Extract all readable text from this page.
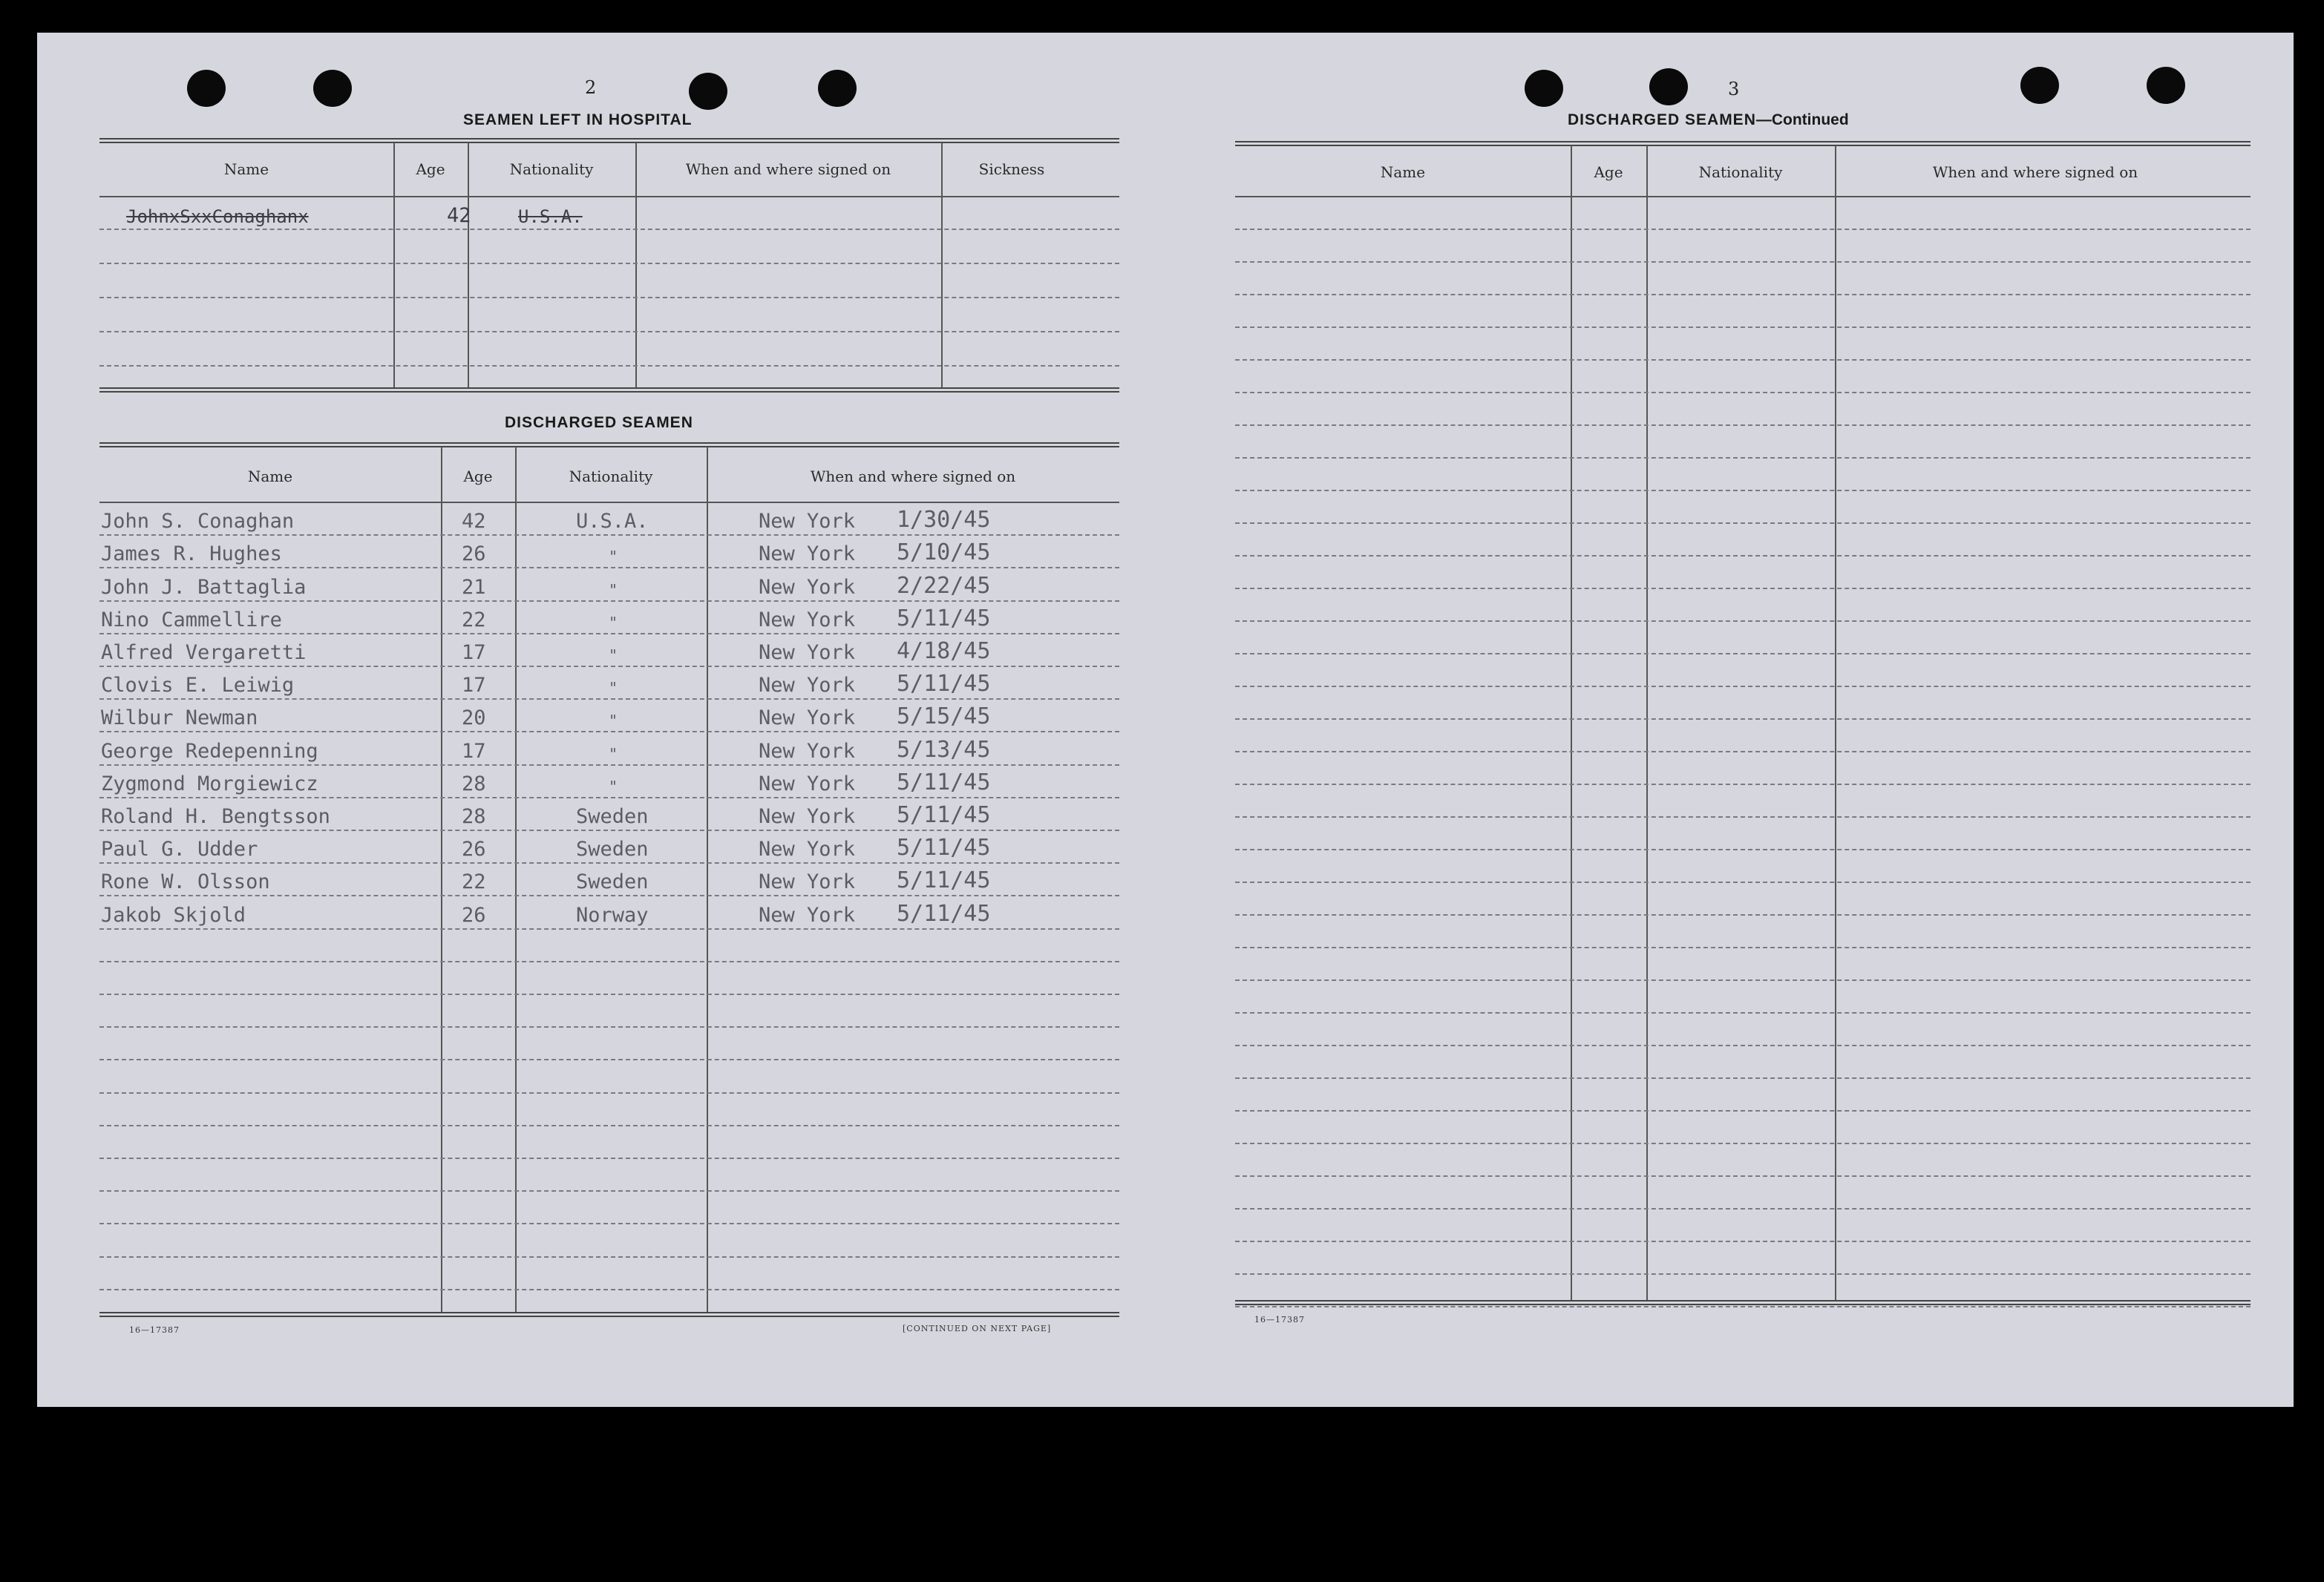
2
SEAMEN LEFT IN HOSPITAL
Name	Age	Nationality	When and where signed on	Sickness
JohnxSxxConaghanx	42	U.S.A.
DISCHARGED SEAMEN
Name	Age	Nationality	When and where signed on
John S. Conaghan	42	U.S.A.	New York 1/30/45
James R. Hughes	26	"	New York 5/10/45
John J. Battaglia	21	"	New York 2/22/45
Nino Cammellire	22	"	New York 5/11/45
Alfred Vergaretti	17	"	New York 4/18/45
Clovis E. Leiwig	17	"	New York 5/11/45
Wilbur Newman	20	"	New York 5/15/45
George Redepenning	17	"	New York 5/13/45
Zygmond Morgiewicz	28	"	New York 5/11/45
Roland H. Bengtsson	28	Sweden	New York 5/11/45
Paul G. Udder	26	Sweden	New York 5/11/45
Rone W. Olsson	22	Sweden	New York 5/11/45
Jakob Skjold	26	Norway	New York 5/11/45
16—17387	[CONTINUED ON NEXT PAGE]
3
DISCHARGED SEAMEN—Continued
Name	Age	Nationality	When and where signed on
16—17387
